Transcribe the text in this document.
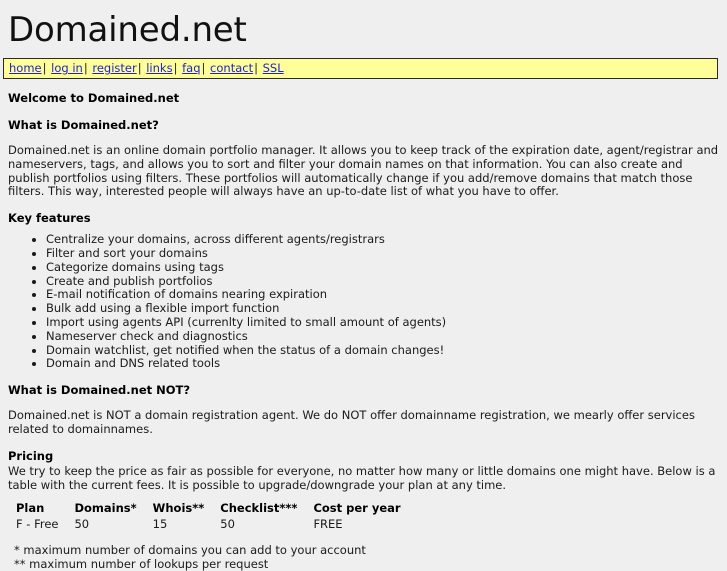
Domained.net
home| log in| register| links| faq| contact| SSL
Welcome to Domained.net
What is Domained.net?

Domained.net is an online domain portfolio manager. It allows you to keep track of the expiration date, agent/registrar and nameservers, tags, and allows you to sort and filter your domain names on that information. You can also create and publish portfolios using filters. These portfolios will automatically change if you add/remove domains that match those filters. This way, interested people will always have an up-to-date list of what you have to offer.

Key features
• Centralize your domains, across different agents/registrars
• Filter and sort your domains
• Categorize domains using tags
• Create and publish portfolios
• E-mail notification of domains nearing expiration
• Bulk add using a flexible import function
• Import using agents API (currenlty limited to small amount of agents)
• Nameserver check and diagnostics
• Domain watchlist, get notified when the status of a domain changes!
• Domain and DNS related tools
What is Domained.net NOT?

Domained.net is NOT a domain registration agent. We do NOT offer domainname registration, we mearly offer services related to domainnames.

Pricing

We try to keep the price as fair as possible for everyone, no matter how many or little domains one might have. Below is a table with the current fees. It is possible to upgrade/downgrade your plan at any time.

Plan	Domains*	Whois**	Checklist***	Cost per year
F - Free	50	15	50	FREE
* maximum number of domains you can add to your account
** maximum number of lookups per request
